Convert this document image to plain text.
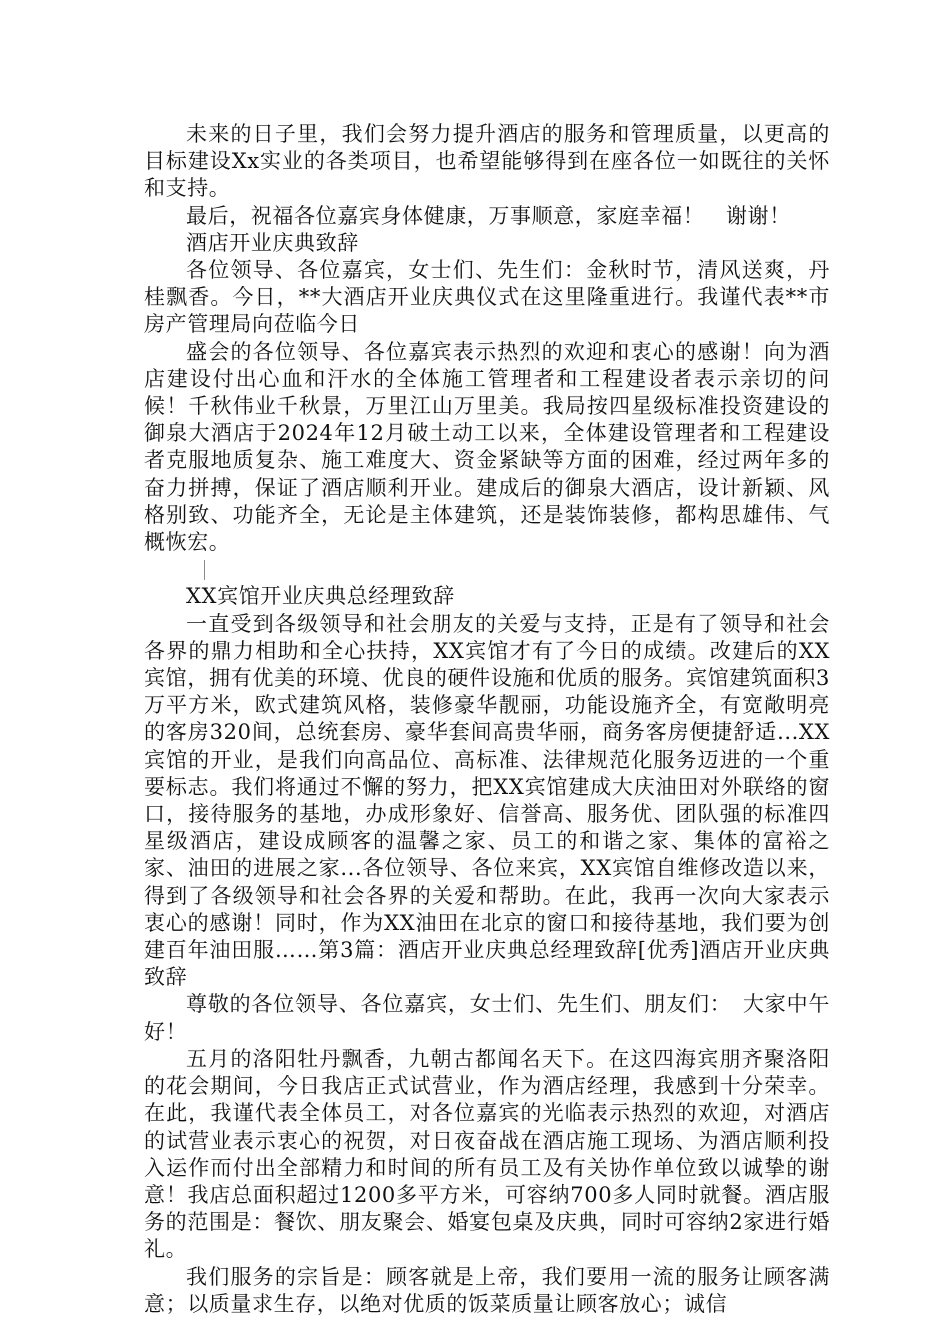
未来的日子里，我们会努力提升酒店的服务和管理质量，以更高的目标建设Xx实业的各类项目，也希望能够得到在座各位一如既往的关怀和支持。

最后，祝福各位嘉宾身体健康，万事顺意，家庭幸福！　谢谢！

酒店开业庆典致辞

各位领导、各位嘉宾，女士们、先生们：金秋时节，清风送爽，丹桂飘香。今日，**大酒店开业庆典仪式在这里隆重进行。我谨代表**市房产管理局向莅临今日

盛会的各位领导、各位嘉宾表示热烈的欢迎和衷心的感谢！向为酒店建设付出心血和汗水的全体施工管理者和工程建设者表示亲切的问候！千秋伟业千秋景，万里江山万里美。我局按四星级标准投资建设的御泉大酒店于2024年12月破土动工以来，全体建设管理者和工程建设者克服地质复杂、施工难度大、资金紧缺等方面的困难，经过两年多的奋力拼搏，保证了酒店顺利开业。建成后的御泉大酒店，设计新颖、风格别致、功能齐全，无论是主体建筑，还是装饰装修，都构思雄伟、气概恢宏。

XX宾馆开业庆典总经理致辞

一直受到各级领导和社会朋友的关爱与支持，正是有了领导和社会各界的鼎力相助和全心扶持，XX宾馆才有了今日的成绩。改建后的XX宾馆，拥有优美的环境、优良的硬件设施和优质的服务。宾馆建筑面积3万平方米，欧式建筑风格，装修豪华靓丽，功能设施齐全，有宽敞明亮的客房320间，总统套房、豪华套间高贵华丽，商务客房便捷舒适...XX宾馆的开业，是我们向高品位、高标准、法律规范化服务迈进的一个重要标志。我们将通过不懈的努力，把XX宾馆建成大庆油田对外联络的窗口，接待服务的基地，办成形象好、信誉高、服务优、团队强的标准四星级酒店，建设成顾客的温馨之家、员工的和谐之家、集体的富裕之家、油田的进展之家...各位领导、各位来宾，XX宾馆自维修改造以来，得到了各级领导和社会各界的关爱和帮助。在此，我再一次向大家表示衷心的感谢！同时，作为XX油田在北京的窗口和接待基地，我们要为创建百年油田服……第3篇：酒店开业庆典总经理致辞[优秀]酒店开业庆典致辞

尊敬的各位领导、各位嘉宾，女士们、先生们、朋友们：　大家中午好！

五月的洛阳牡丹飘香，九朝古都闻名天下。在这四海宾朋齐聚洛阳的花会期间，今日我店正式试营业，作为酒店经理，我感到十分荣幸。在此，我谨代表全体员工，对各位嘉宾的光临表示热烈的欢迎，对酒店的试营业表示衷心的祝贺，对日夜奋战在酒店施工现场、为酒店顺利投入运作而付出全部精力和时间的所有员工及有关协作单位致以诚挚的谢意！我店总面积超过1200多平方米，可容纳700多人同时就餐。酒店服务的范围是：餐饮、朋友聚会、婚宴包桌及庆典，同时可容纳2家进行婚礼。

我们服务的宗旨是：顾客就是上帝，我们要用一流的服务让顾客满意；以质量求生存，以绝对优质的饭菜质量让顾客放心；诚信
